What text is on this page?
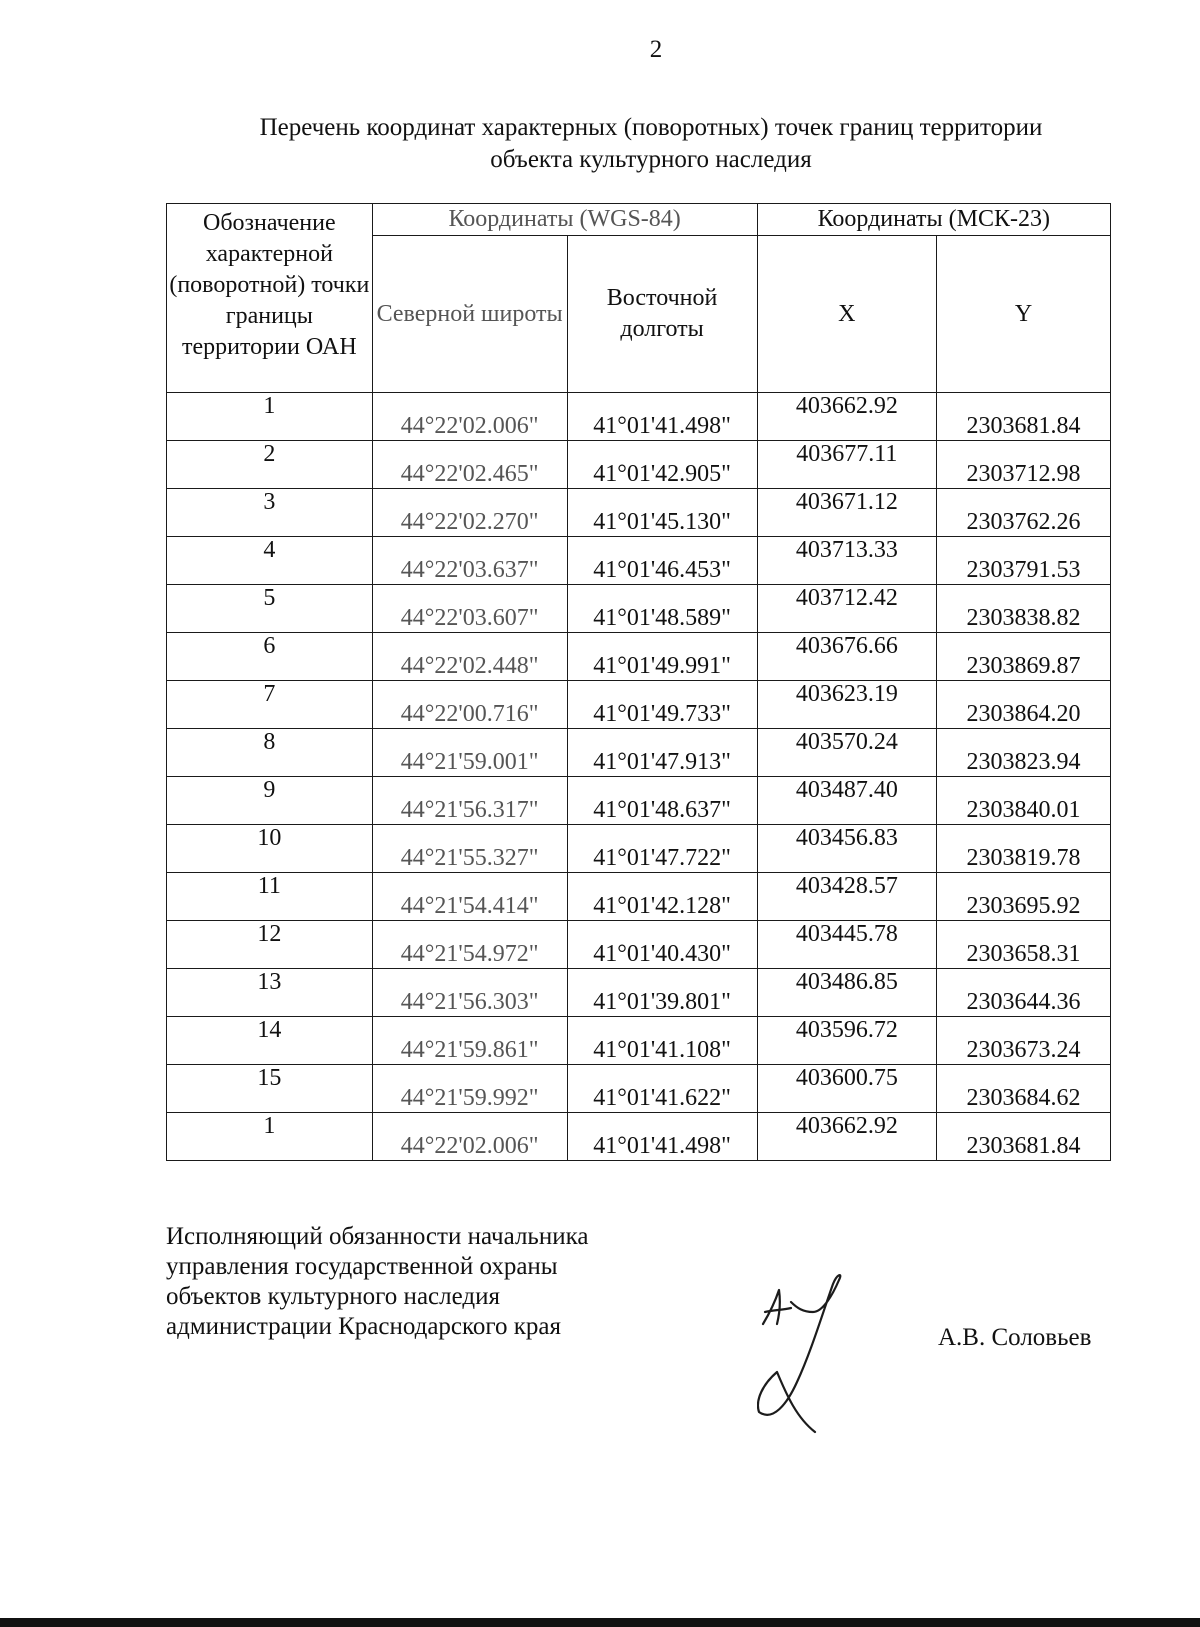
2
Перечень координат характерных (поворотных) точек границ территории
объекта культурного наследия
Обозначение характерной (поворотной) точки границы территории ОАН	Координаты (WGS-84)		Координаты (МСК-23)	
	Северной широты	Восточной долготы	X	Y
1	44°22'02.006"	41°01'41.498"	403662.92	2303681.84
2	44°22'02.465"	41°01'42.905"	403677.11	2303712.98
3	44°22'02.270"	41°01'45.130"	403671.12	2303762.26
4	44°22'03.637"	41°01'46.453"	403713.33	2303791.53
5	44°22'03.607"	41°01'48.589"	403712.42	2303838.82
6	44°22'02.448"	41°01'49.991"	403676.66	2303869.87
7	44°22'00.716"	41°01'49.733"	403623.19	2303864.20
8	44°21'59.001"	41°01'47.913"	403570.24	2303823.94
9	44°21'56.317"	41°01'48.637"	403487.40	2303840.01
10	44°21'55.327"	41°01'47.722"	403456.83	2303819.78
11	44°21'54.414"	41°01'42.128"	403428.57	2303695.92
12	44°21'54.972"	41°01'40.430"	403445.78	2303658.31
13	44°21'56.303"	41°01'39.801"	403486.85	2303644.36
14	44°21'59.861"	41°01'41.108"	403596.72	2303673.24
15	44°21'59.992"	41°01'41.622"	403600.75	2303684.62
1	44°22'02.006"	41°01'41.498"	403662.92	2303681.84
Исполняющий обязанности начальника
управления государственной охраны
объектов культурного наследия
администрации Краснодарского края	А.В. Соловьев
